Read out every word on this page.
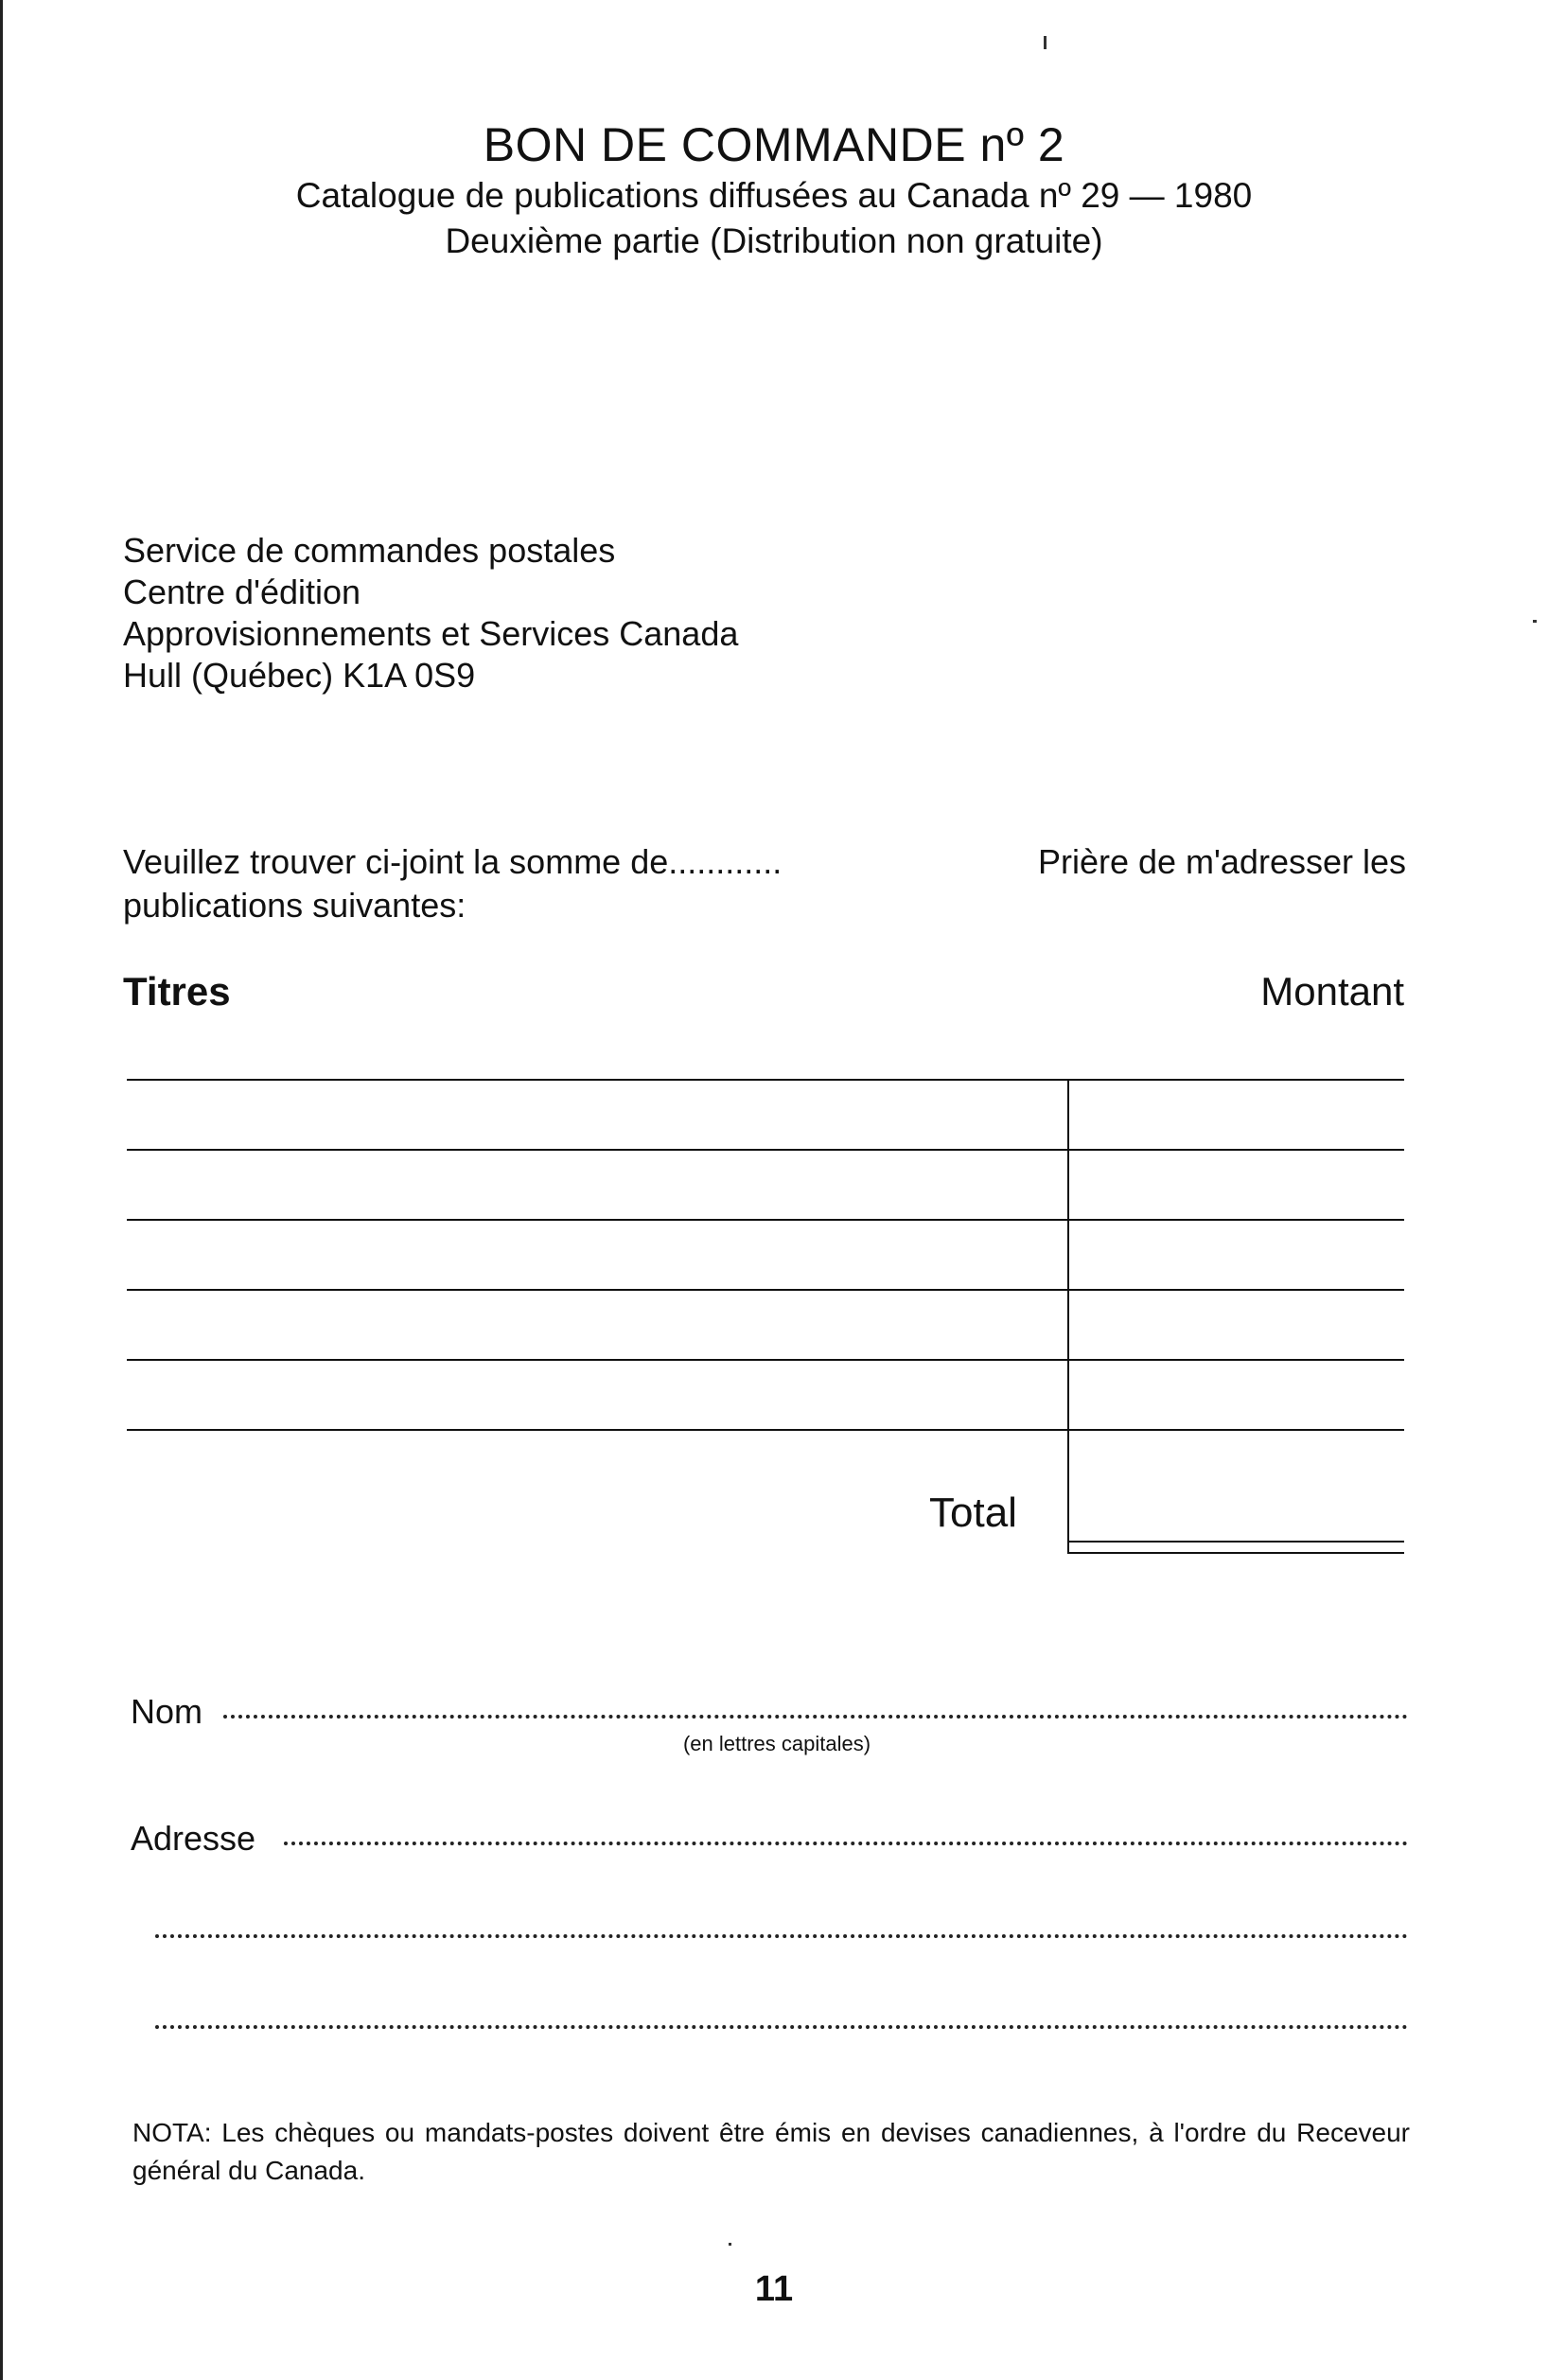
BON DE COMMANDE nº 2
Catalogue de publications diffusées au Canada nº 29 — 1980
Deuxième partie (Distribution non gratuite)
Service de commandes postales
Centre d'édition
Approvisionnements et Services Canada
Hull (Québec) K1A 0S9
Veuillez trouver ci-joint la somme de............	Prière de m'adresser les
publications suivantes:
Titres	Montant
Total
Nom
(en lettres capitales)
Adresse
NOTA: Les chèques ou mandats-postes doivent être émis en devises canadiennes, à l'ordre du Receveur général du Canada.
11
